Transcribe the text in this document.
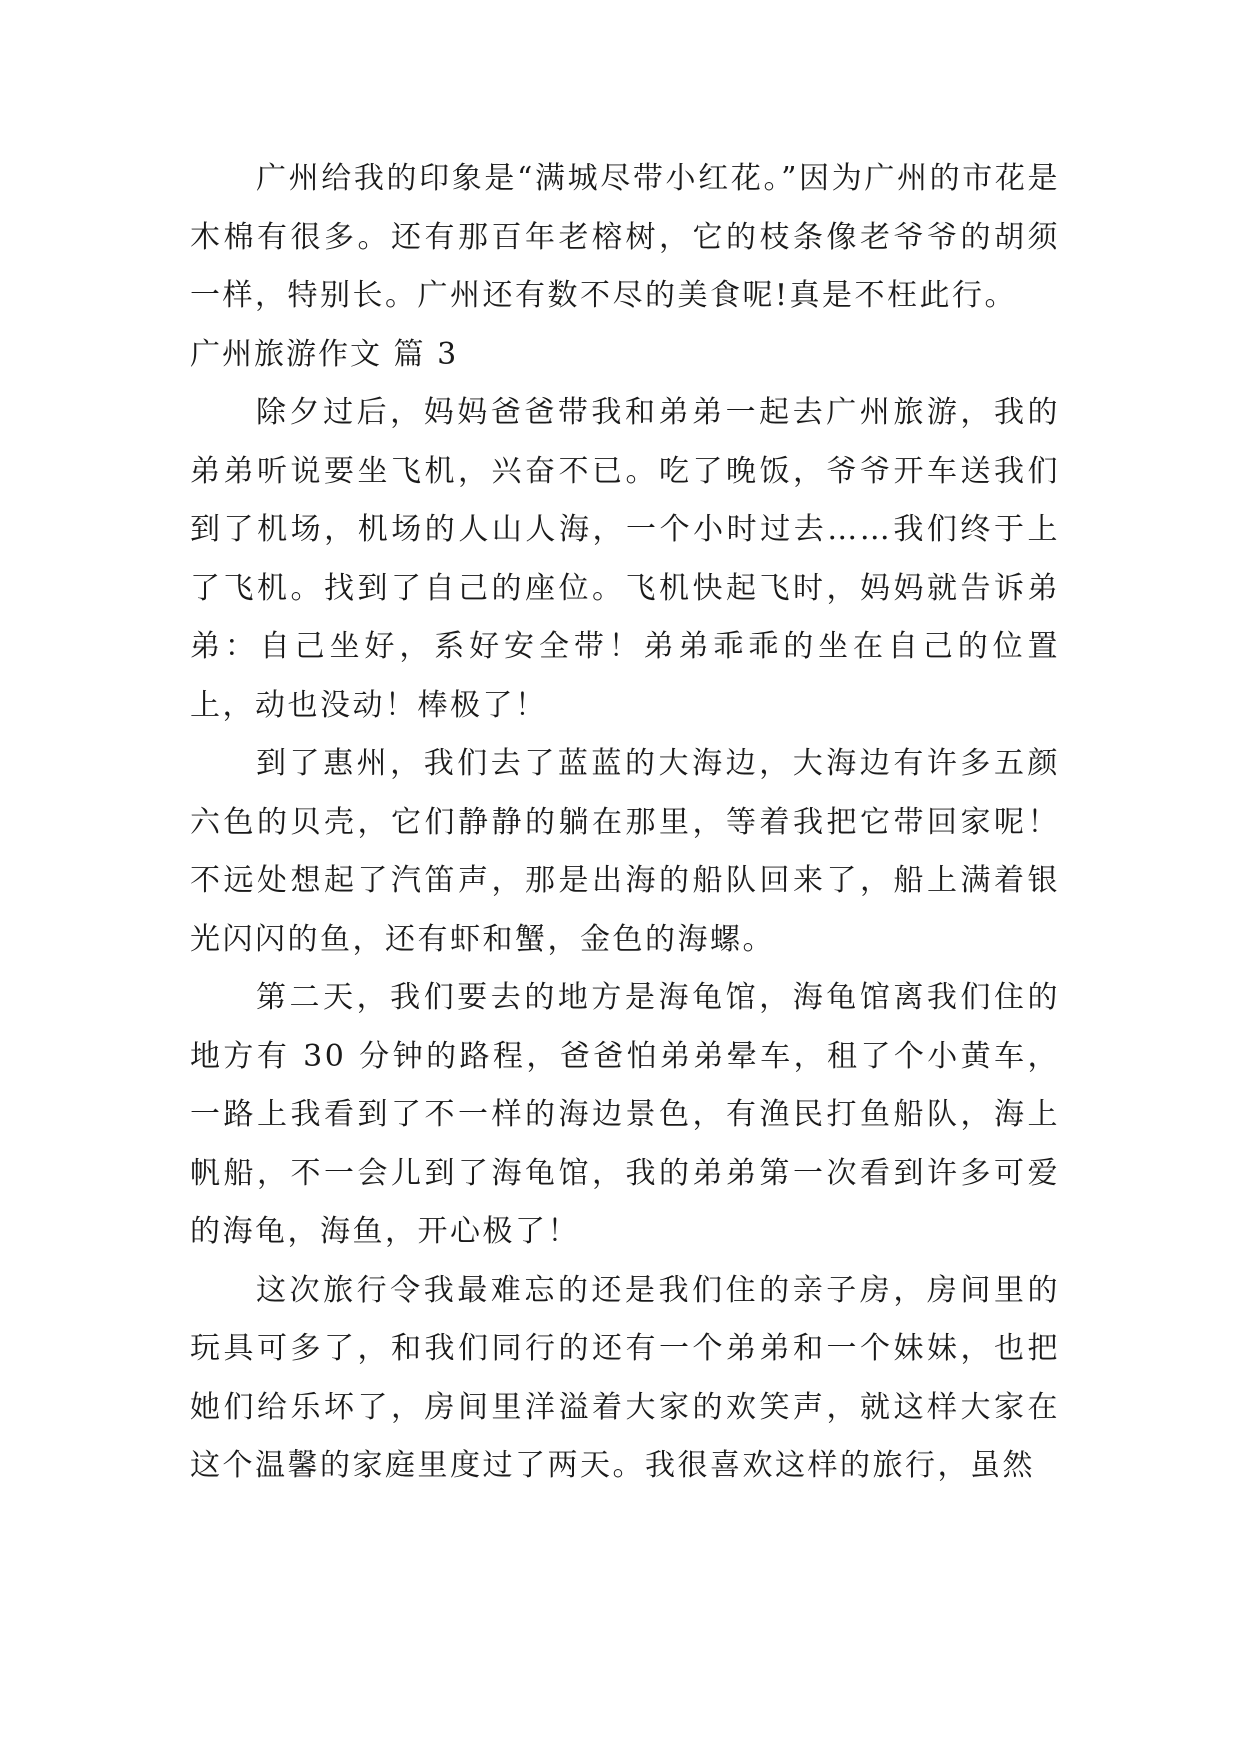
广州给我的印象是“满城尽带小红花。”因为广州的市花是木棉有很多。还有那百年老榕树，它的枝条像老爷爷的胡须一样，特别长。广州还有数不尽的美食呢!真是不枉此行。

广州旅游作文 篇 3

除夕过后，妈妈爸爸带我和弟弟一起去广州旅游，我的弟弟听说要坐飞机，兴奋不已。吃了晚饭，爷爷开车送我们到了机场，机场的人山人海，一个小时过去……我们终于上了飞机。找到了自己的座位。飞机快起飞时，妈妈就告诉弟弟：自己坐好，系好安全带！弟弟乖乖的坐在自己的位置上，动也没动！棒极了！

到了惠州，我们去了蓝蓝的大海边，大海边有许多五颜六色的贝壳，它们静静的躺在那里，等着我把它带回家呢！不远处想起了汽笛声，那是出海的船队回来了，船上满着银光闪闪的鱼，还有虾和蟹，金色的海螺。

第二天，我们要去的地方是海龟馆，海龟馆离我们住的地方有 30 分钟的路程，爸爸怕弟弟晕车，租了个小黄车，一路上我看到了不一样的海边景色，有渔民打鱼船队，海上帆船，不一会儿到了海龟馆，我的弟弟第一次看到许多可爱的海龟，海鱼，开心极了！

这次旅行令我最难忘的还是我们住的亲子房，房间里的玩具可多了，和我们同行的还有一个弟弟和一个妹妹，也把她们给乐坏了，房间里洋溢着大家的欢笑声，就这样大家在这个温馨的家庭里度过了两天。我很喜欢这样的旅行，虽然
